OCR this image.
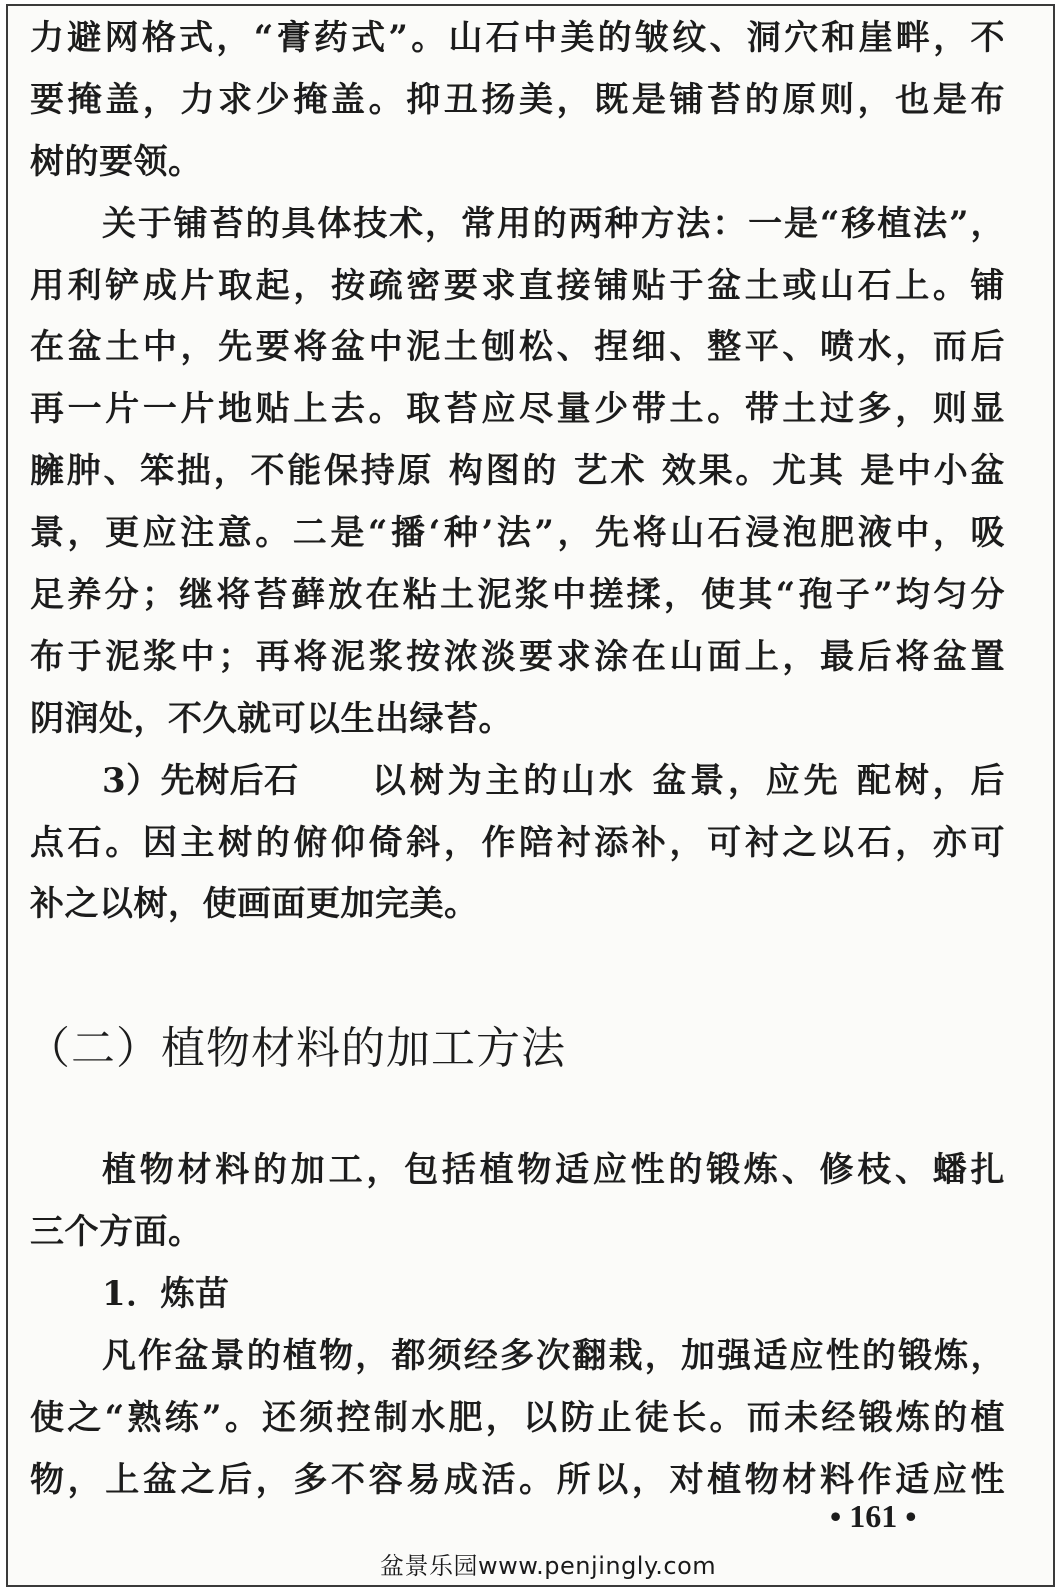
力避网格式，“膏药式”。山石中美的皱纹、洞穴和崖畔，不
要掩盖，力求少掩盖。抑丑扬美，既是铺苔的原则，也是布
树的要领。
关于铺苔的具体技术，常用的两种方法：一是“移植法”，
用利铲成片取起，按疏密要求直接铺贴于盆土或山石上。铺
在盆土中，先要将盆中泥土刨松、捏细、整平、喷水，而后
再一片一片地贴上去。取苔应尽量少带土。带土过多，则显
臃肿、笨拙，不能保持原 构图的 艺术 效果。尤其 是中小盆
景，更应注意。二是“播‘种’法”，先将山石浸泡肥液中，吸
足养分；继将苔藓放在粘土泥浆中搓揉，使其“孢子”均匀分
布于泥浆中；再将泥浆按浓淡要求涂在山面上，最后将盆置
阴润处，不久就可以生出绿苔。
3）先树后石 以树为主的山水 盆景，应先 配树，后
点石。因主树的俯仰倚斜，作陪衬添补，可衬之以石，亦可
补之以树，使画面更加完美。
（二）植物材料的加工方法
植物材料的加工，包括植物适应性的锻炼、修枝、蟠扎
三个方面。
1．炼苗
凡作盆景的植物，都须经多次翻栽，加强适应性的锻炼，
使之“熟练”。还须控制水肥，以防止徒长。而未经锻炼的植
物，上盆之后，多不容易成活。所以，对植物材料作适应性
• 161 •
盆景乐园www.penjingly.com
